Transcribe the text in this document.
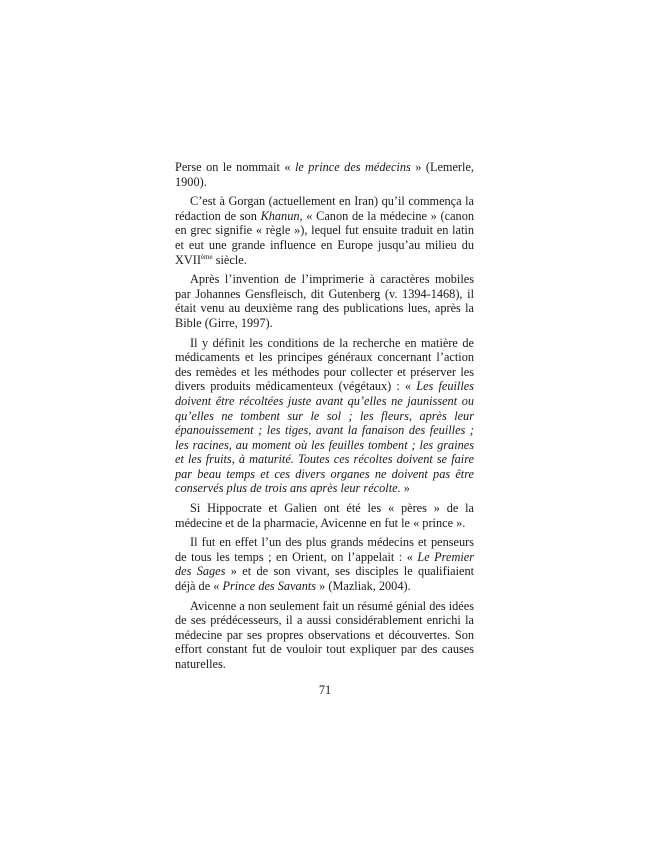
Perse on le nommait « le prince des médecins » (Lemerle, 1900).

C’est à Gorgan (actuellement en Iran) qu’il commença la rédaction de son Khanun, « Canon de la médecine » (canon en grec signifie « règle »), lequel fut ensuite traduit en latin et eut une grande influence en Europe jusqu’au milieu du XVIIème siècle.

Après l’invention de l’imprimerie à caractères mobiles par Johannes Gensfleisch, dit Gutenberg (v. 1394-1468), il était venu au deuxième rang des publications lues, après la Bible (Girre, 1997).

Il y définit les conditions de la recherche en matière de médicaments et les principes généraux concernant l’action des remèdes et les méthodes pour collecter et préserver les divers produits médicamenteux (végétaux) : « Les feuilles doivent être récoltées juste avant qu’elles ne jaunissent ou qu’elles ne tombent sur le sol ; les fleurs, après leur épanouissement ; les tiges, avant la fanaison des feuilles ; les racines, au moment où les feuilles tombent ; les graines et les fruits, à maturité. Toutes ces récoltes doivent se faire par beau temps et ces divers organes ne doivent pas être conservés plus de trois ans après leur récolte. »

Si Hippocrate et Galien ont été les « pères » de la médecine et de la pharmacie, Avicenne en fut le « prince ».

Il fut en effet l’un des plus grands médecins et penseurs de tous les temps ; en Orient, on l’appelait : « Le Premier des Sages » et de son vivant, ses disciples le qualifiaient déjà de « Prince des Savants » (Mazliak, 2004).

Avicenne a non seulement fait un résumé génial des idées de ses prédécesseurs, il a aussi considérablement enrichi la médecine par ses propres observations et découvertes. Son effort constant fut de vouloir tout expliquer par des causes naturelles.

71
